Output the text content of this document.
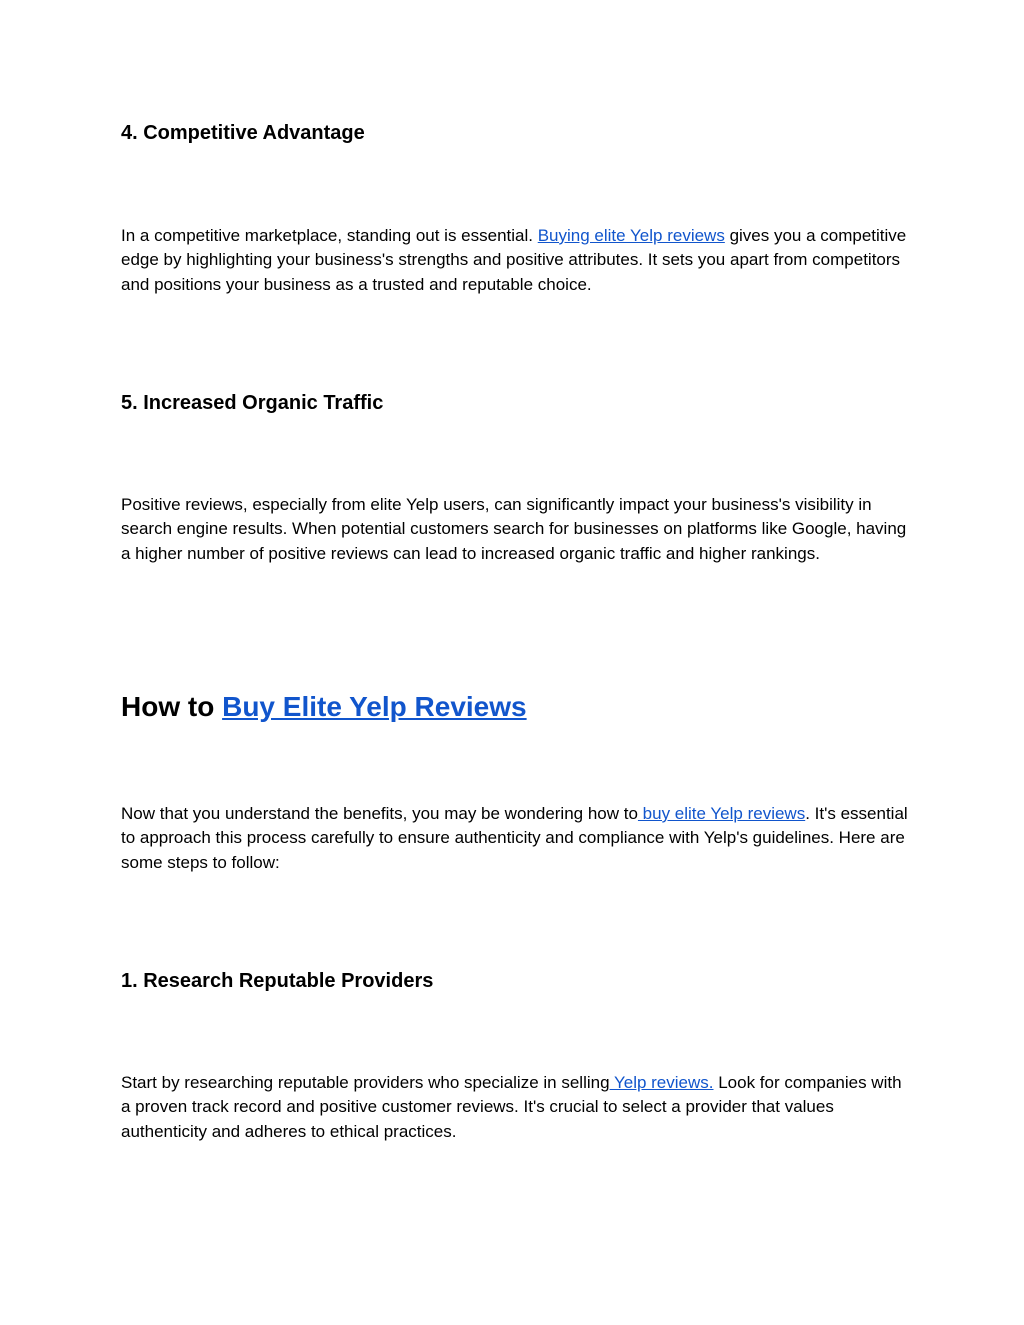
4. Competitive Advantage

In a competitive marketplace, standing out is essential. Buying elite Yelp reviews gives you a competitive edge by highlighting your business's strengths and positive attributes. It sets you apart from competitors and positions your business as a trusted and reputable choice.

5. Increased Organic Traffic

Positive reviews, especially from elite Yelp users, can significantly impact your business's visibility in search engine results. When potential customers search for businesses on platforms like Google, having a higher number of positive reviews can lead to increased organic traffic and higher rankings.

How to Buy Elite Yelp Reviews

Now that you understand the benefits, you may be wondering how to buy elite Yelp reviews. It's essential to approach this process carefully to ensure authenticity and compliance with Yelp's guidelines. Here are some steps to follow:

1. Research Reputable Providers

Start by researching reputable providers who specialize in selling Yelp reviews. Look for companies with a proven track record and positive customer reviews. It's crucial to select a provider that values authenticity and adheres to ethical practices.
